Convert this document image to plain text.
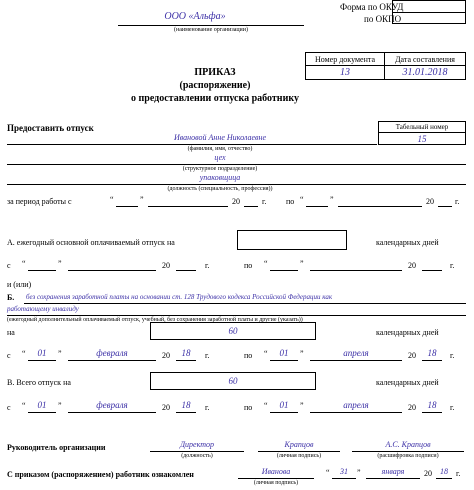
Форма по ОКУД
по ОКПО
ООО «Альфа»
(наименование организации)
Номер документа	Дата составления
13	31.01.2018
ПРИКАЗ
(распоряжение)
о предоставлении отпуска работнику
Предоставить отпуск	Табельный номер
15
Ивановой Анне Николаевне
(фамилия, имя, отчество)
цех
(структурное подразделение)
упаковщица
(должность (специальность, профессия))
за период работы с	“	”	20	г. по “	”	20	г.
А. ежегодный основной оплачиваемый отпуск на	календарных дней
с “	”	20	г.	по “	”	20	г.
и (или)
Б. без сохранения заработной платы на основании ст. 128 Трудового кодекса Российской Федерации как
работающему инвалиду
(ежегодный дополнительный оплачиваемый отпуск, учебный, без сохранения заработной платы и другие (указать))
на	60	календарных дней
с “	01	”	февраля	20	18	г.	по “	01	”	апреля	20	18	г.
В. Всего отпуск на	60	календарных дней
с “	01	”	февраля	20	18	г.	по “	01	”	апреля	20	18	г.
Руководитель организации	Директор
(должность)
Крапцов
(личная подпись)
А.С. Крапцов
(расшифровка подписи)
С приказом (распоряжением) работник ознакомлен	Иванова
(личная подпись)
“	31	”	января	20	18	г.
